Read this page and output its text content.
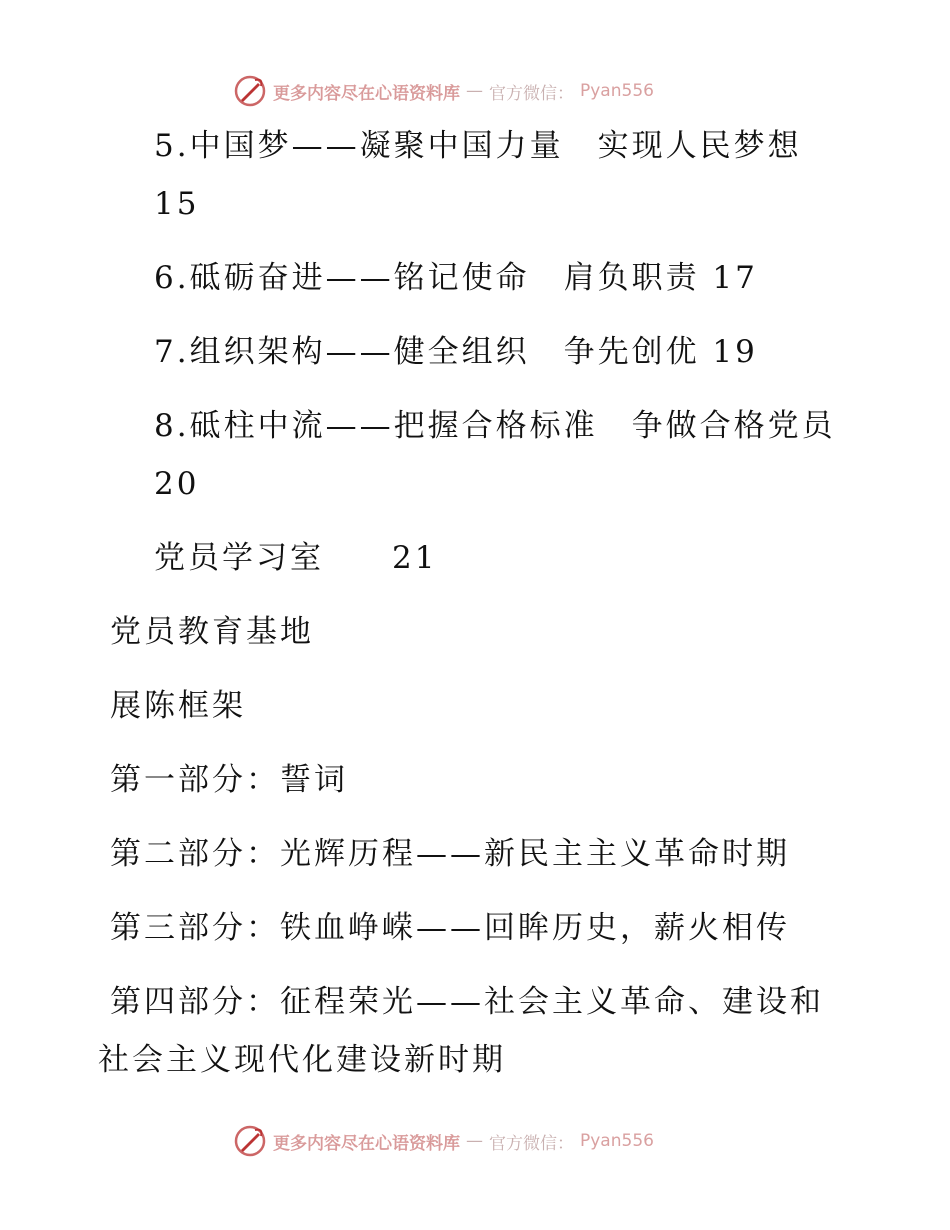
更多内容尽在心语资料库 — 官方微信： Pyan556
5.中国梦——凝聚中国力量　实现人民梦想
15
6.砥砺奋进——铭记使命　肩负职责 17
7.组织架构——健全组织　争先创优 19
8.砥柱中流——把握合格标准　争做合格党员
20
党员学习室　　21
党员教育基地
展陈框架
第一部分：誓词
第二部分：光辉历程——新民主主义革命时期
第三部分：铁血峥嵘——回眸历史，薪火相传
第四部分：征程荣光——社会主义革命、建设和
社会主义现代化建设新时期
更多内容尽在心语资料库 — 官方微信： Pyan556
